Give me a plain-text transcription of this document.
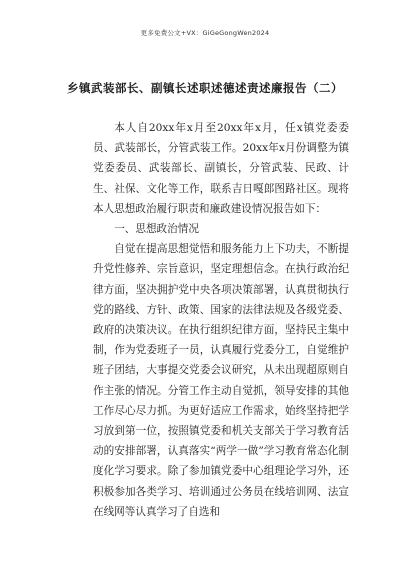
更多免费公文+VX：GiGeGongWen2024
乡镇武装部长、副镇长述职述德述责述廉报告（二）

本人自20xx年x月至20xx年x月，任x镇党委委员、武装部长，分管武装工作。20xx年x月份调整为镇党委委员、武装部长、副镇长，分管武装、民政、计生、社保、文化等工作，联系吉日嘎郎图路社区。现将本人思想政治履行职责和廉政建设情况报告如下：

一、思想政治情况

自觉在提高思想觉悟和服务能力上下功夫，不断提升党性修养、宗旨意识，坚定理想信念。在执行政治纪律方面，坚决拥护党中央各项决策部署，认真贯彻执行党的路线、方针、政策、国家的法律法规及各级党委、政府的决策决议。在执行组织纪律方面，坚持民主集中制，作为党委班子一员，认真履行党委分工，自觉维护班子团结，大事提交党委会议研究，从未出现超原则自作主张的情况。分管工作主动自觉抓，领导安排的其他工作尽心尽力抓。为更好适应工作需求，始终坚持把学习放到第一位，按照镇党委和机关支部关于学习教育活动的安排部署，认真落实“两学一做”学习教育常态化制度化学习要求。除了参加镇党委中心组理论学习外，还积极参加各类学习、培训通过公务员在线培训网、法宣在线网等认真学习了自选和
